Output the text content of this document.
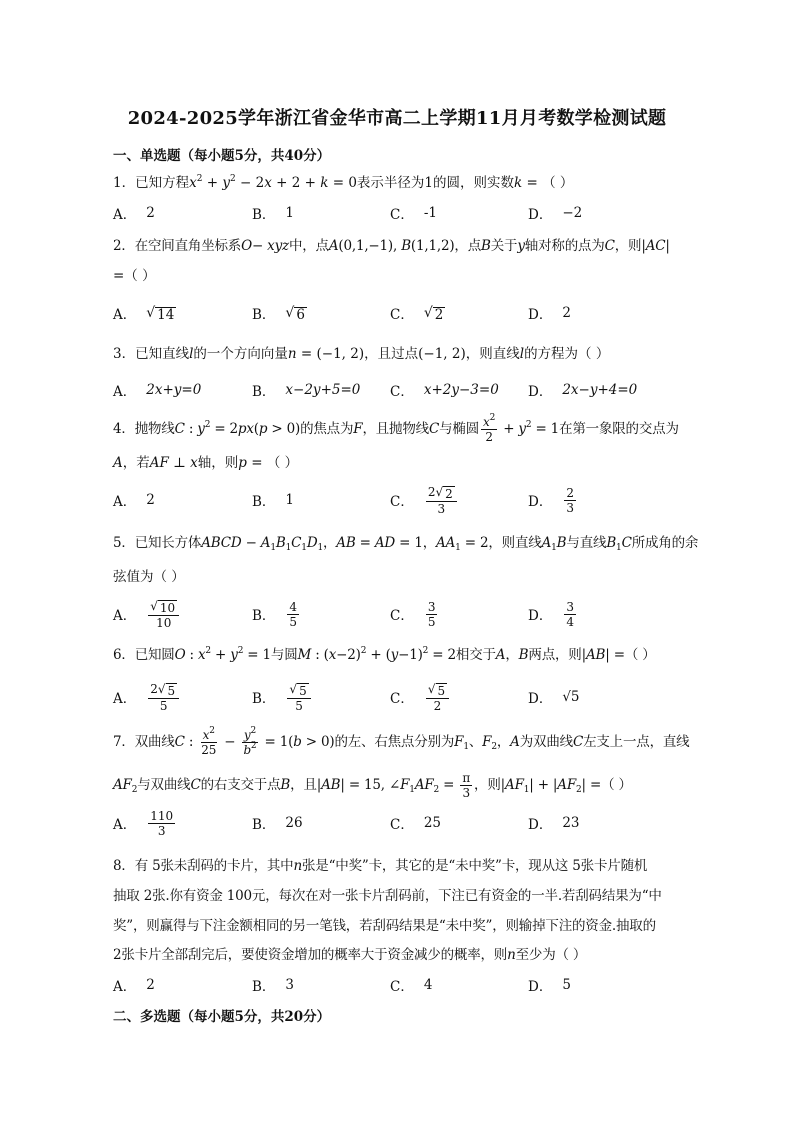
2024-2025学年浙江省金华市高二上学期11月月考数学检测试题
一、单选题（每小题5分，共40分）
1．已知方程$x^2 + y^2 - 2x + 2 + k = 0$表示半径为1的圆，则实数k = （ ）
A． 2	B． 1	C． -1	D． −2
2．在空间直角坐标系O− xyz中，点A(0,1,−1), B(1,1,2)，点B关于y轴对称的点为C，则|AC|
=（ ）
A． √ 14	B． √ 6	C． √ 2	D． 2
3．已知直线l的一个方向向量n = (−1, 2)，且过点(−1, 2)，则直线l的方程为（ ）
A． 2x+y=0	B． x−2y+5=0 C． x+2y−3=0 D． 2x−y+4=0
4．抛物线C : $y^2 = 2px(p > 0)$的焦点为F，且抛物线C与椭圆 $\frac{x^2}{2} + y^2 = 1$在第一象限的交点为
A，若AF ⊥ x轴，则p = （ ）
A． 2	B． 1	C． $\frac{2 √ 2}{3}$	D． $\frac{2}{3}$
5．已知长方体ABCD − $A_1B_1C_1D_1$，AB = AD = 1，$AA_1 = 2$，则直线$A_1B$与直线$B_1C$所成角的余
弦值为（ ）
A． $\frac{√ 10}{10}$	B． $\frac{4}{5}$	C． $\frac{3}{5}$	D． $\frac{3}{4}$
6．已知圆O : $x^2 + y^2 = 1$与圆M : $(x-2)^2 + (y-1)^2 = 2$相交于A，B两点，则|AB| =（ ）
A． $\frac{2 √ 5}{5}$	B． $\frac{√ 5}{5}$	C． $\frac{√ 5}{2}$	D． √5
7．双曲线C : $\frac{x^2}{25} - \frac{y^2}{b^2} = 1(b > 0)$的左、右焦点分别为$F_1$、$F_2$，A为双曲线C左支上一点，直线
$AF_2$与双曲线C的右支交于点B，且|AB| = 15, $\angle F_1AF_2 = \frac{\pi}{3}$ ，则$|AF_1| + |AF_2|$ =（ ）
A． $\frac{110}{3}$	B． 26	C． 25	D． 23
8．有 5张未刮码的卡片，其中n张是“中奖”卡，其它的是“未中奖”卡，现从这 5张卡片随机
抽取 2张.你有资金 100元，每次在对一张卡片刮码前，下注已有资金的一半.若刮码结果为“中
奖”，则赢得与下注金额相同的另一笔钱，若刮码结果是“未中奖”，则输掉下注的资金.抽取的
2张卡片全部刮完后，要使资金增加的概率大于资金减少的概率，则n至少为（ ）
A． 2	B． 3	C． 4	D． 5
二、多选题（每小题5分，共20分）
